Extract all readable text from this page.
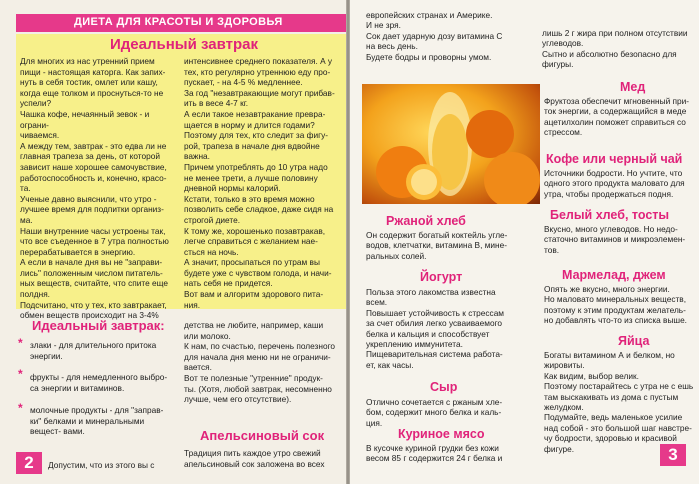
ДИЕТА ДЛЯ КРАСОТЫ И ЗДОРОВЬЯ
Идеальный завтрак
Для многих из нас утренний прием
пищи - настоящая каторга. Как запих-
нуть в себя тостик, омлет или кашу,
когда еще толком и проснуться-то не
успели?
Чашка кофе, нечаянный зевок - и ограни-
чиваемся.
А между тем, завтрак - это едва ли не
главная трапеза за день, от которой
зависит наше хорошее самочувствие,
работоспособность и, конечно, красо-
та.
Ученые давно выяснили, что утро -
лучшее время для подпитки организ-
ма.
Наши внутренние часы устроены так,
что все съеденное в 7 утра полностью
перерабатывается в энергию.
А если в начале дня вы не "заправи-
лись" положенным числом питатель-
ных веществ, считайте, что спите еще
полдня.
Подсчитано, что у тех, кто завтракает,
обмен веществ происходит на 3-4%
интенсивнее среднего показателя. А у
тех, кто регулярно утреннюю еду про-
пускает, - на 4-5 % медленнее.
За год "незавтракающие могут прибав-
ить в весе 4-7 кг.
А если такое незавтракание превра-
щается в норму и длится годами?
Поэтому для тех, кто следит за фигу-
рой, трапеза в начале дня вдвойне
важна.
Причем употреблять до 10 утра надо
не менее трети, а лучше половину
дневной нормы калорий.
Кстати, только в это время можно
позволить себе сладкое, даже сидя на
строгой диете.
К тому же, хорошенько позавтракав,
легче справиться с желанием нае-
сться на ночь.
А значит, просыпаться по утрам вы
будете уже с чувством голода, и начи-
нать себя не придется.
Вот вам и алгоритм здорового пита-
ния.
Идеальный завтрак:
* злаки - для длительного притока энергии.
* фрукты - для немедленного выбро- са энергии и витаминов.
* молочные продукты - для "заправ- ки" белками и минеральными вещест- вами.
2	Допустим, что из этого вы с
детства не любите, например, каши
или молоко.
К нам, по счастью, перечень полезного
для начала дня меню ни не ограничи-
вается.
Вот те полезные "утренние" продук-
ты. (Хотя, любой завтрак, несомненно
лучше, чем его отсутствие).
Апельсиновый сок
Традиция пить каждое утро свежий
апельсиновый сок заложена во всех
европейских странах и Америке.
И не зря.
Сок дает ударную дозу витамина С
на весь день.
Будете бодры и проворны умом.
лишь 2 г жира при полном отсутствии
углеводов.
Сытно и абсолютно безопасно для
фигуры.
Ржаной хлеб
Он содержит богатый коктейль угле-
водов, клетчатки, витамина В, мине-
ральных солей.
Йогурт
Польза этого лакомства известна
всем.
Повышает устойчивость к стрессам
за счет обилия легко усваиваемого
белка и кальция и способствует
укреплению иммунитета.
Пищеварительная система работа-
ет, как часы.
Сыр
Отлично сочетается с ржаным хле-
бом, содержит много белка и каль-
ция.
Куриное мясо
В кусочке куриной грудки без кожи
весом 85 г содержится 24 г белка и
Мед
Фруктоза обеспечит мгновенный при-
ток энергии, а содержащийся в меде
ацетилхолин поможет справиться со
стрессом.
Кофе или черный чай
Источники бодрости. Но учтите, что
одного этого продукта маловато для
утра, чтобы продержаться подня.
Белый хлеб, тосты
Вкусно, много углеводов. Но недо-
статочно витаминов и микроэлемен-
тов.
Мармелад, джем
Опять же вкусно, много энергии.
Но маловато минеральных веществ,
поэтому к этим продуктам желатель-
но добавлять что-то из списка выше.
Яйца
Богаты витамином А и белком, но
жировиты.
Как видим, выбор велик.
Поэтому постарайтесь с утра не с ешь
там выскакивать из дома с пустым
желудком.
Подумайте, ведь маленькое усилие
над собой - это большой шаг навстре-
чу бодрости, здоровью и красивой
фигуре.	3
